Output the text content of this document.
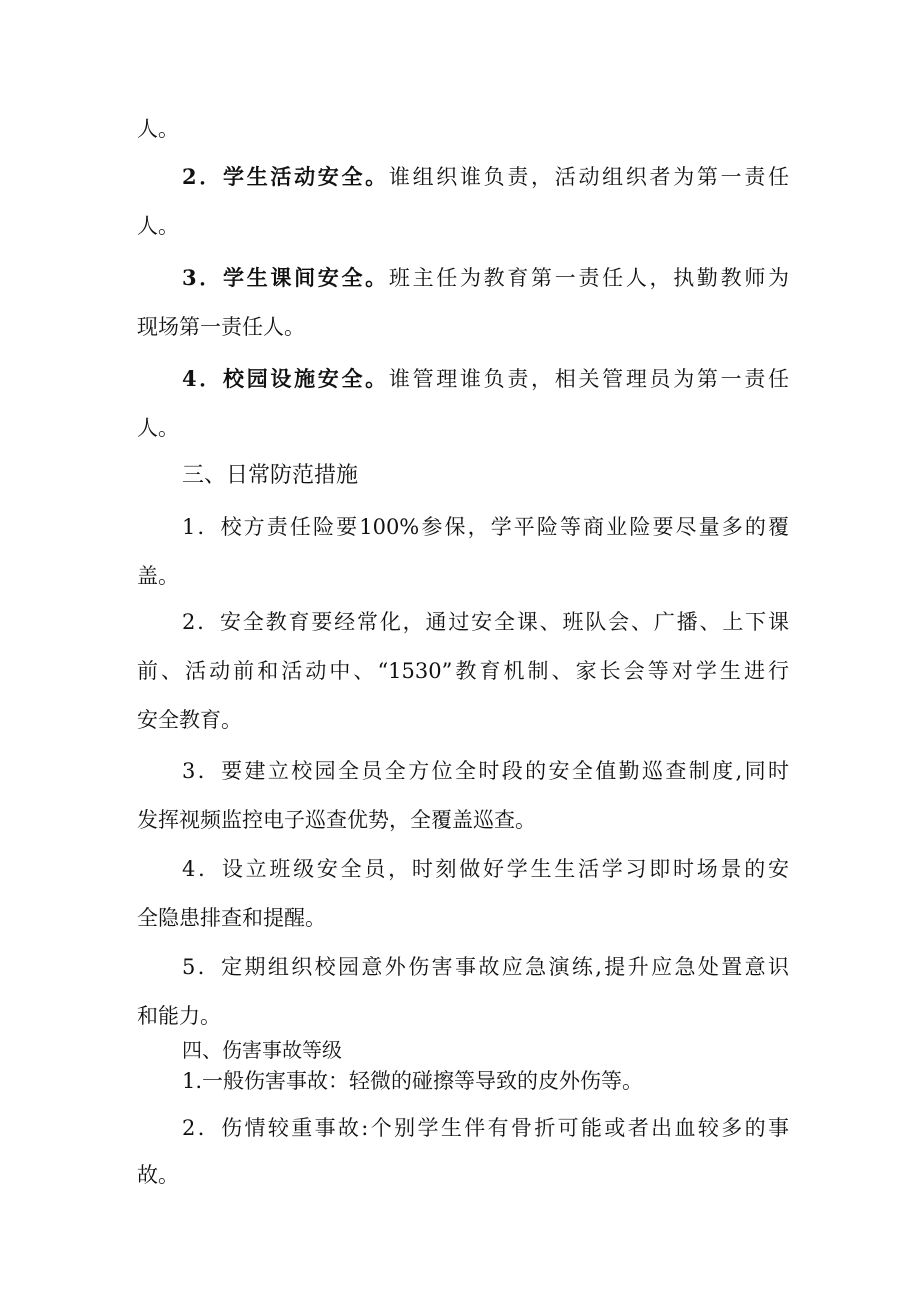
人。
2．学生活动安全。谁组织谁负责，活动组织者为第一责任
人。
3．学生课间安全。班主任为教育第一责任人，执勤教师为
现场第一责任人。
4．校园设施安全。谁管理谁负责，相关管理员为第一责任
人。
三、日常防范措施
1．校方责任险要100%参保，学平险等商业险要尽量多的覆
盖。
2．安全教育要经常化，通过安全课、班队会、广播、上下课
前、活动前和活动中、“1530”教育机制、家长会等对学生进行
安全教育。
3．要建立校园全员全方位全时段的安全值勤巡查制度,同时
发挥视频监控电子巡查优势，全覆盖巡查。
4．设立班级安全员，时刻做好学生生活学习即时场景的安
全隐患排查和提醒。
5．定期组织校园意外伤害事故应急演练,提升应急处置意识
和能力。
四、伤害事故等级
1.一般伤害事故：轻微的碰擦等导致的皮外伤等。
2．伤情较重事故:个别学生伴有骨折可能或者出血较多的事
故。
